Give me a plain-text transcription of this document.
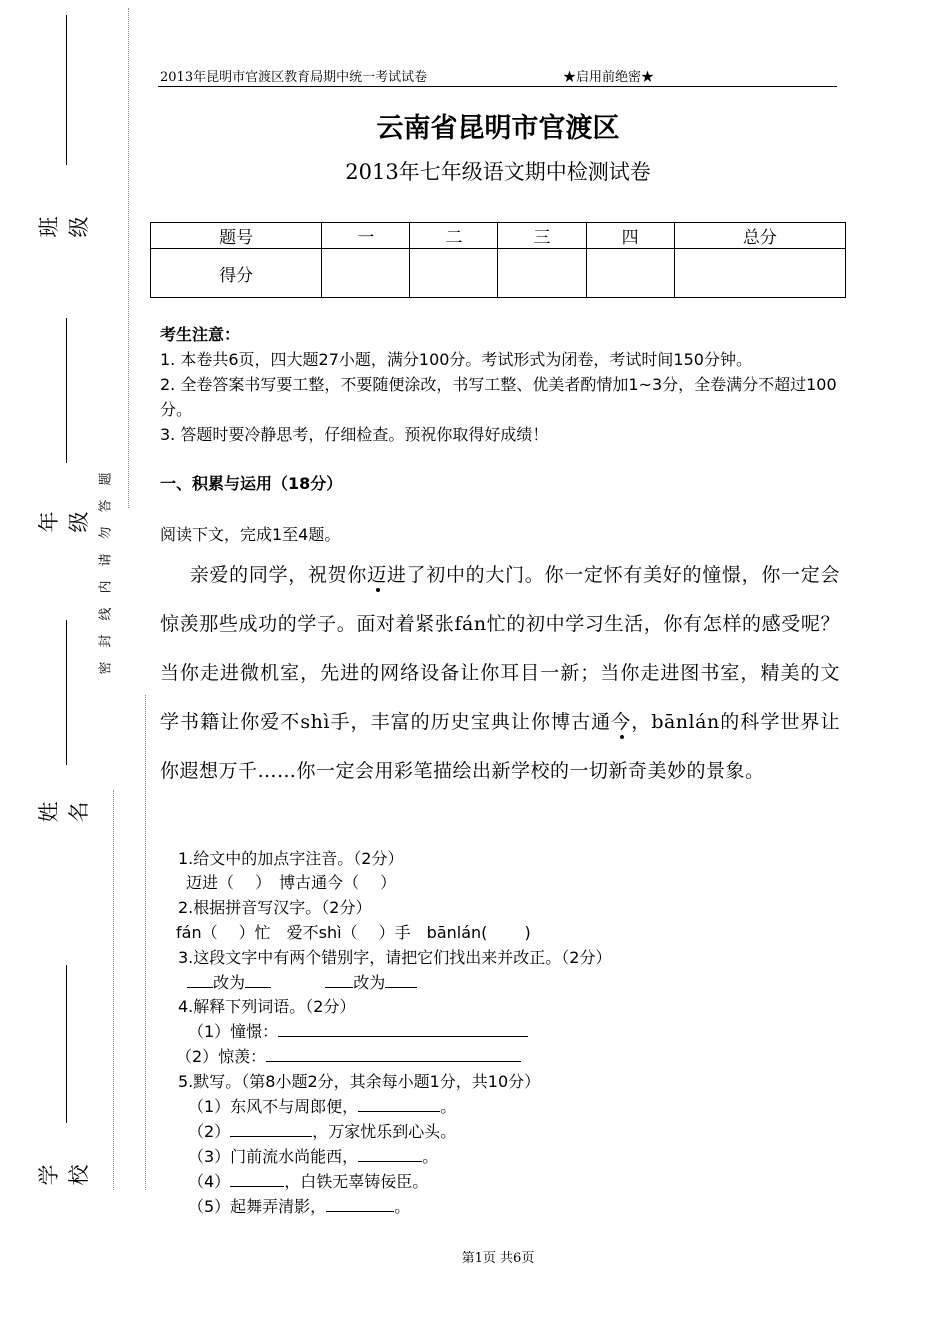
班　级
年　级
姓　名
学　校
密封线内请勿答题
2013年昆明市官渡区教育局期中统一考试试卷	★启用前绝密★
云南省昆明市官渡区
2013年七年级语文期中检测试卷
题号	一	二	三	四	总分
得分					
考生注意：
1. 本卷共6页，四大题27小题，满分100分。考试形式为闭卷，考试时间150分钟。
2. 全卷答案书写要工整，不要随便涂改，书写工整、优美者酌情加1~3分，全卷满分不超过100分。
3. 答题时要冷静思考，仔细检查。预祝你取得好成绩！
一、积累与运用（18分）
阅读下文，完成1至4题。

  亲爱的同学，祝贺你迈进了初中的大门。你一定怀有美好的憧憬，你一定会惊羡那些成功的学子。面对着紧张fán忙的初中学习生活，你有怎样的感受呢？当你走进微机室，先进的网络设备让你耳目一新；当你走进图书室，精美的文学书籍让你爱不shì手，丰富的历史宝典让你博古通今，bānlán的科学世界让你遐想万千……你一定会用彩笔描绘出新学校的一切新奇美妙的景象。

1.给文中的加点字注音。（2分）
迈进（　 ）　博古通今（　 ）
2.根据拼音写汉字。（2分）
fán（　 ）忙　爱不shì（　 ）手　bānlán(　　 )
3.这段文字中有两个错别字，请把它们找出来并改正。（2分）
改为	改为
4.解释下列词语。（2分）
（1）憧憬：
（2）惊羡：
5.默写。（第8小题2分，其余每小题1分，共10分）
（1）东风不与周郎便，	。
（2）	，万家忧乐到心头。
（3）门前流水尚能西，	。
（4）	，白铁无辜铸佞臣。
（5）起舞弄清影，	。
第1页 共6页
